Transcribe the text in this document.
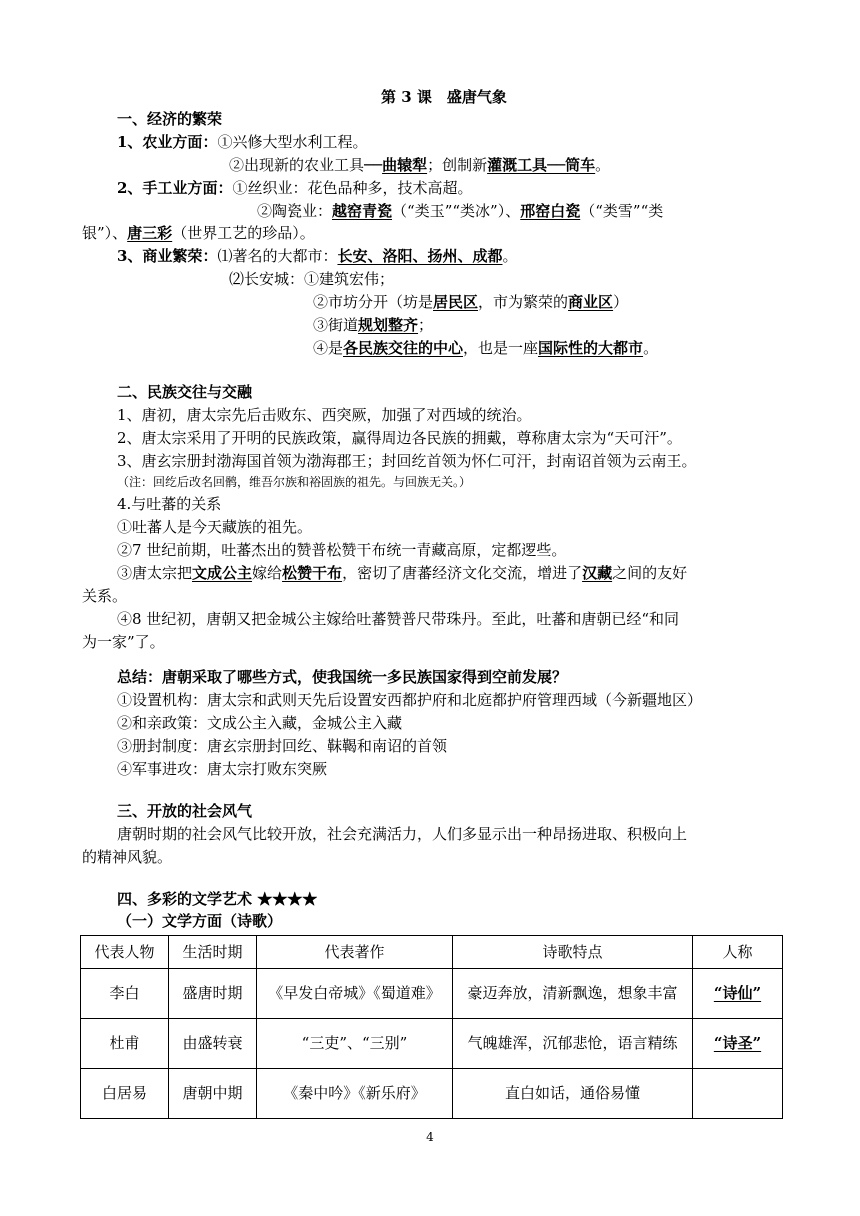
第 3 课　盛唐气象
一、经济的繁荣
1、农业方面：①兴修大型水利工程。
②出现新的农业工具──曲辕犁；创制新灌溉工具──筒车。
2、手工业方面：①丝织业：花色品种多，技术高超。
②陶瓷业：越窑青瓷（“类玉”“类冰”）、邢窑白瓷（“类雪”“类
银”）、唐三彩（世界工艺的珍品）。
3、商业繁荣：⑴著名的大都市：长安、洛阳、扬州、成都。
⑵长安城：①建筑宏伟；
②市坊分开（坊是居民区，市为繁荣的商业区）
③街道规划整齐；
④是各民族交往的中心，也是一座国际性的大都市。
二、民族交往与交融
1、唐初，唐太宗先后击败东、西突厥，加强了对西域的统治。
2、唐太宗采用了开明的民族政策，赢得周边各民族的拥戴，尊称唐太宗为“天可汗”。
3、唐玄宗册封渤海国首领为渤海郡王；封回纥首领为怀仁可汗，封南诏首领为云南王。
（注：回纥后改名回鹘，维吾尔族和裕固族的祖先。与回族无关。）
4.与吐蕃的关系
①吐蕃人是今天藏族的祖先。
②7 世纪前期，吐蕃杰出的赞普松赞干布统一青藏高原，定都逻些。
③唐太宗把文成公主嫁给松赞干布，密切了唐蕃经济文化交流，增进了汉藏之间的友好
关系。
④8 世纪初，唐朝又把金城公主嫁给吐蕃赞普尺带珠丹。至此，吐蕃和唐朝已经“和同
为一家”了。
总结：唐朝采取了哪些方式，使我国统一多民族国家得到空前发展？
①设置机构：唐太宗和武则天先后设置安西都护府和北庭都护府管理西域（今新疆地区）
②和亲政策：文成公主入藏，金城公主入藏
③册封制度：唐玄宗册封回纥、靺鞨和南诏的首领
④军事进攻：唐太宗打败东突厥
三、开放的社会风气
唐朝时期的社会风气比较开放，社会充满活力，人们多显示出一种昂扬进取、积极向上
的精神风貌。
四、多彩的文学艺术 ★★★★
（一）文学方面（诗歌）
代表人物	生活时期	代表著作	诗歌特点	人称
李白	盛唐时期	《早发白帝城》《蜀道难》	豪迈奔放，清新飘逸，想象丰富	“诗仙”
杜甫	由盛转衰	“三吏”、“三别”	气魄雄浑，沉郁悲怆，语言精练	“诗圣”
白居易	唐朝中期	《秦中吟》《新乐府》	直白如话，通俗易懂	
4
